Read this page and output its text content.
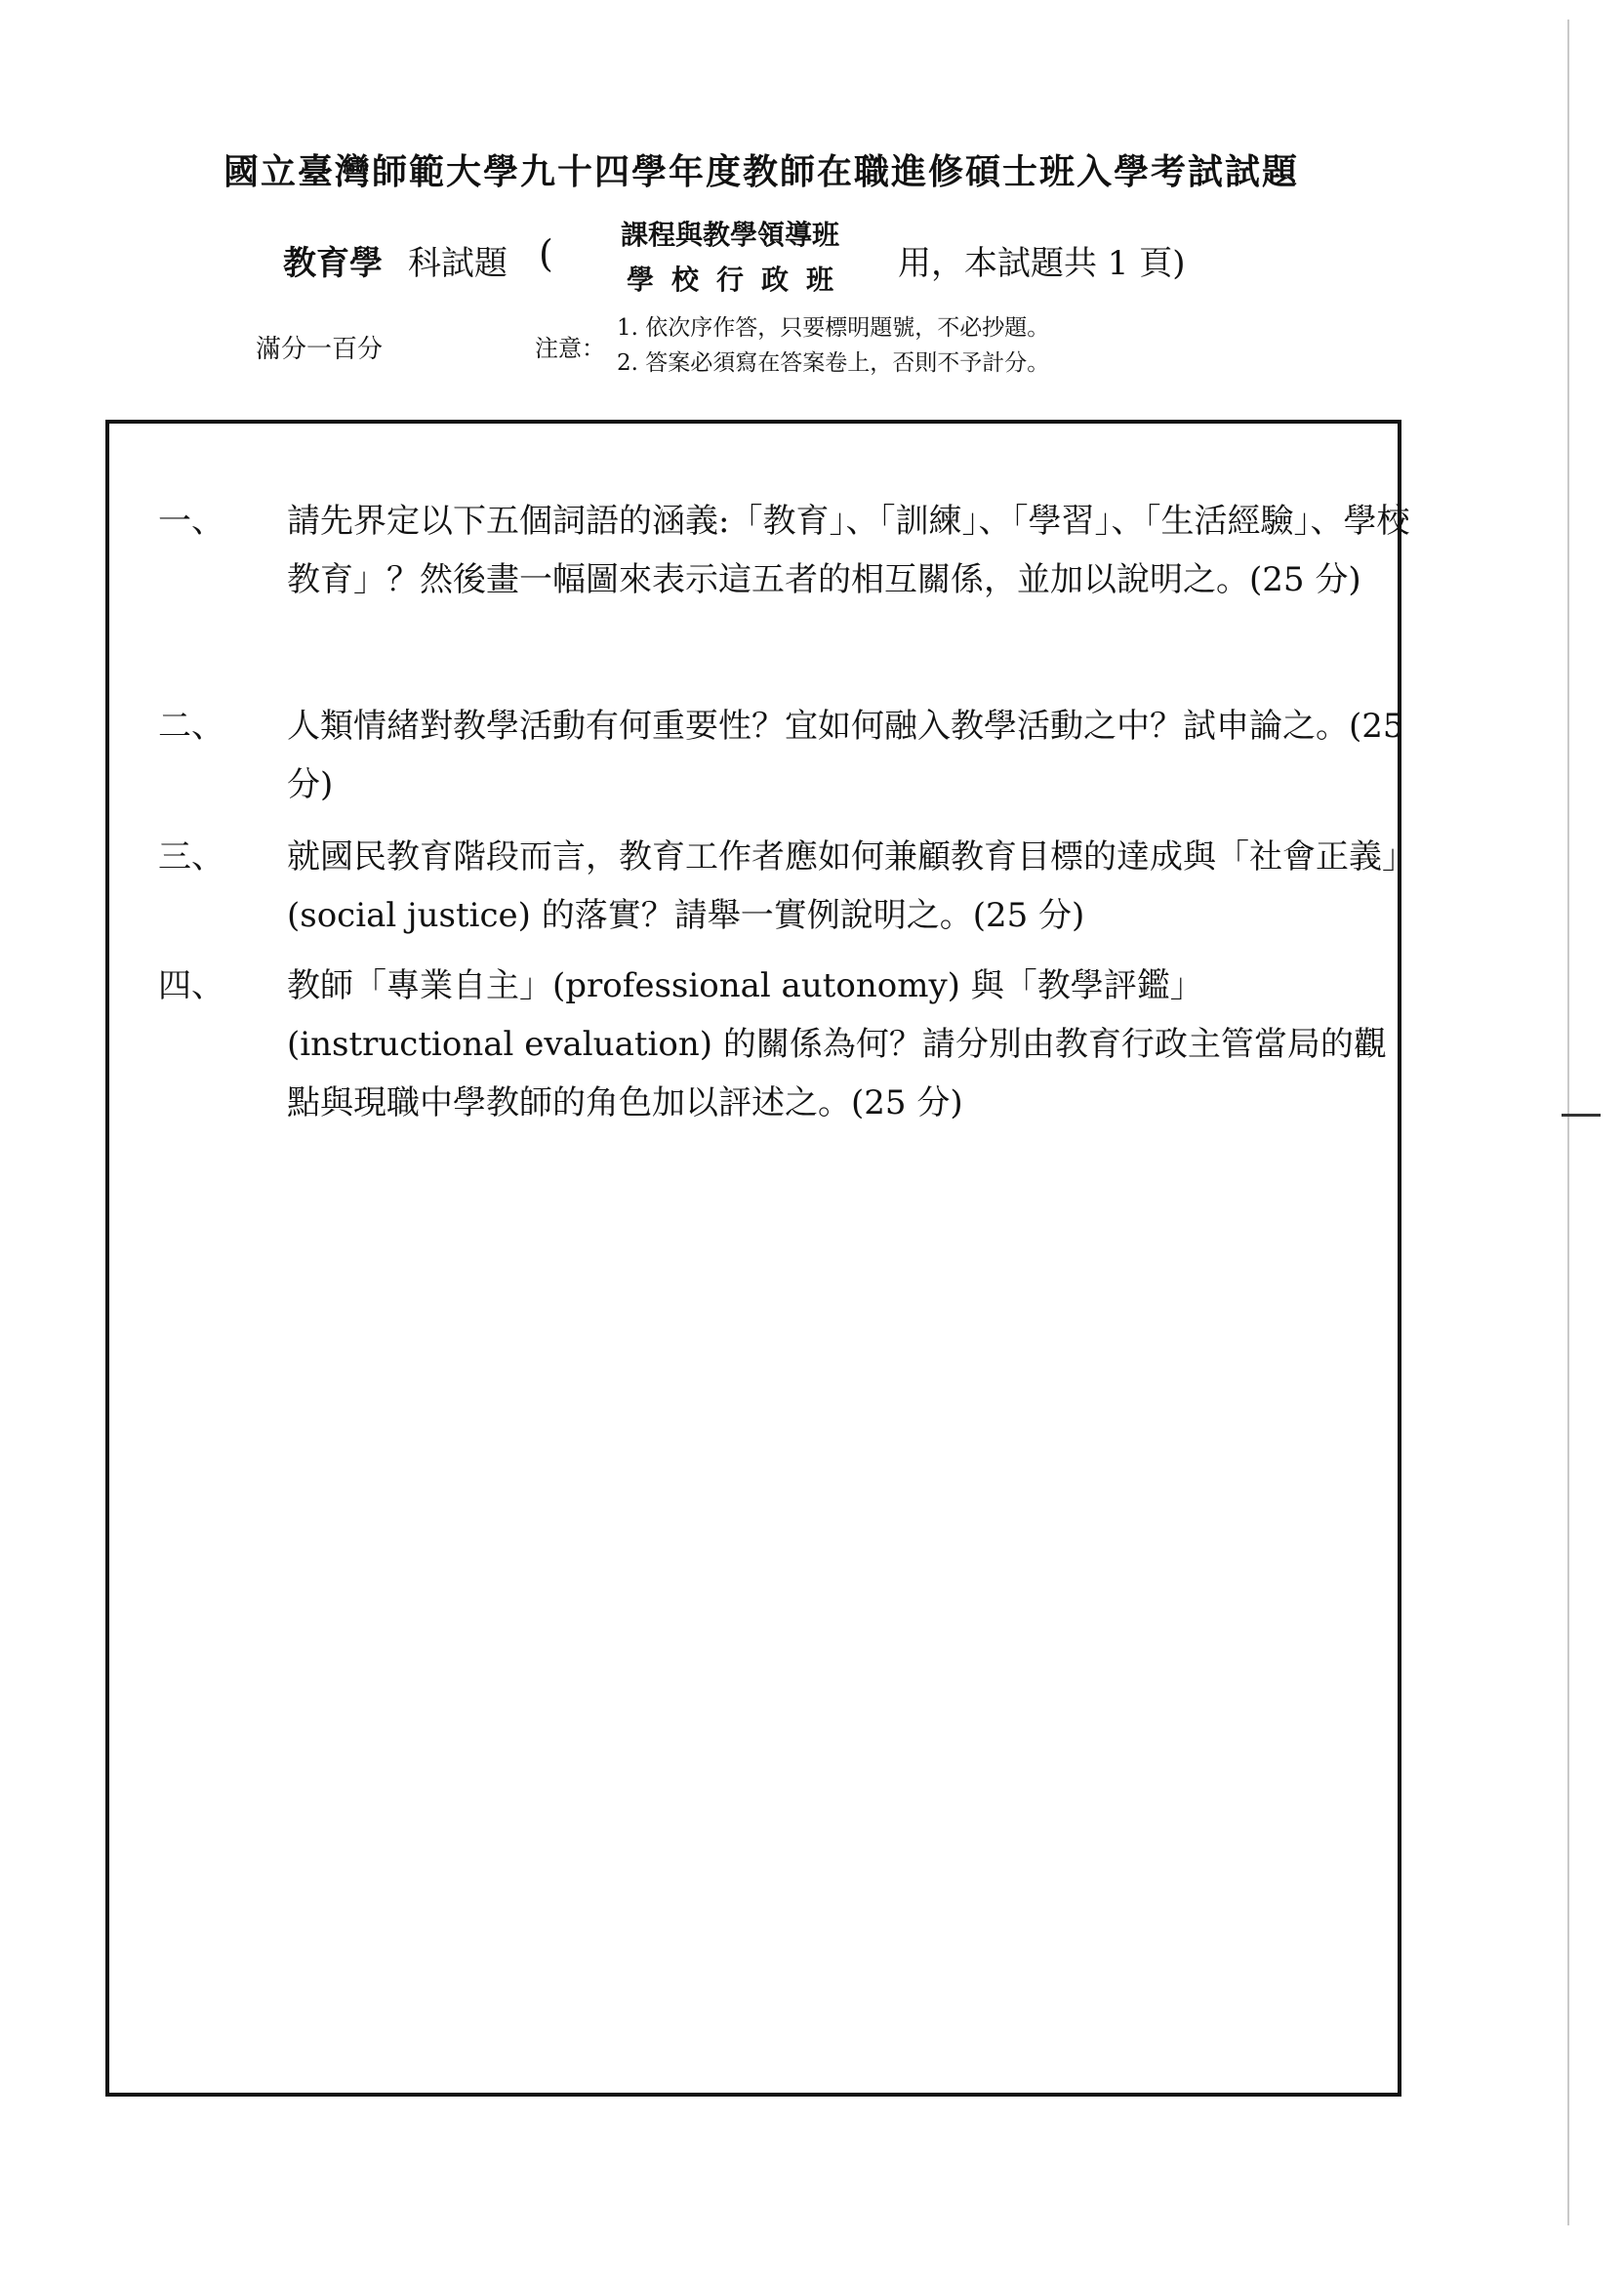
國立臺灣師範大學九十四學年度教師在職進修碩士班入學考試試題
教育學 科試題 (	課程與教學領導班
學校行政班	用，本試題共 1 頁)
滿分一百分	注意：
1. 依次序作答，只要標明題號，不必抄題。
2. 答案必須寫在答案卷上，否則不予計分。
一、	請先界定以下五個詞語的涵義:「教育」、「訓練」、「學習」、「生活經驗」、學校教育」？然後畫一幅圖來表示這五者的相互關係，並加以說明之。(25 分)
二、	人類情緒對教學活動有何重要性？宜如何融入教學活動之中？試申論之。(25 分)
三、	就國民教育階段而言，教育工作者應如何兼顧教育目標的達成與「社會正義」(social justice) 的落實？請舉一實例說明之。(25 分)
四、	教師「專業自主」(professional autonomy) 與「教學評鑑」(instructional evaluation) 的關係為何？請分別由教育行政主管當局的觀點與現職中學教師的角色加以評述之。(25 分)
